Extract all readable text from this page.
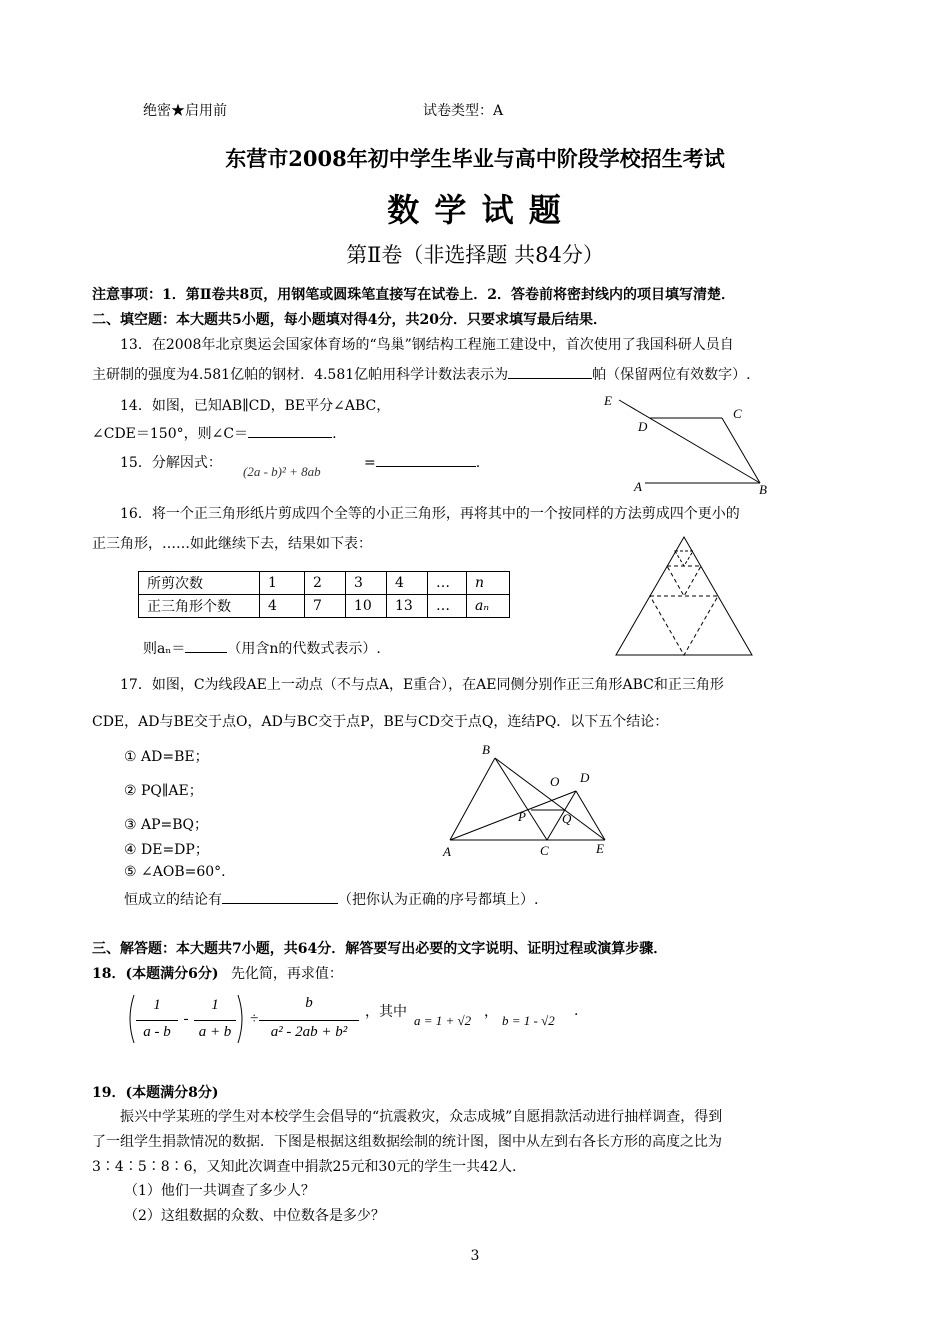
绝密★启用前	试卷类型：A
东营市2008年初中学生毕业与高中阶段学校招生考试
数 学 试 题
第Ⅱ卷（非选择题 共84分）
注意事项：1．第Ⅱ卷共8页，用钢笔或圆珠笔直接写在试卷上．2．答卷前将密封线内的项目填写清楚．
二、填空题：本大题共5小题，每小题填对得4分，共20分．只要求填写最后结果．
13．在2008年北京奥运会国家体育场的“鸟巢”钢结构工程施工建设中，首次使用了我国科研人员自
主研制的强度为4.581亿帕的钢材．4.581亿帕用科学计数法表示为	帕（保留两位有效数字）.
14．如图，已知AB∥CD，BE平分∠ABC，
∠CDE＝150°，则∠C＝	.
E
D
C
A	B
15．分解因式：
(2a - b)² + 8ab
=	.
16．将一个正三角形纸片剪成四个全等的小正三角形，再将其中的一个按同样的方法剪成四个更小的
正三角形，……如此继续下去，结果如下表：
所剪次数	1	2	3	4	…	n
正三角形个数	4	7	10	13	…	aₙ
则aₙ＝	（用含n的代数式表示）.
17．如图，C为线段AE上一动点（不与点A，E重合），在AE同侧分别作正三角形ABC和正三角形
CDE，AD与BE交于点O，AD与BC交于点P，BE与CD交于点Q，连结PQ．以下五个结论：
① AD=BE；
② PQ∥AE；
③ AP=BQ；
④ DE=DP；
⑤ ∠AOB=60°.
恒成立的结论有	（把你认为正确的序号都填上）.
B
O D
P	Q
A	C	E
三、解答题：本大题共7小题，共64分．解答要写出必要的文字说明、证明过程或演算步骤．
18．(本题满分6分) 先化简，再求值：
1
a - b
-
1
a + b
÷
b
a² - 2ab + b²
，其中
a = 1 + √2
，
b = 1 - √2
.
19．(本题满分8分)
振兴中学某班的学生对本校学生会倡导的“抗震救灾，众志成城”自愿捐款活动进行抽样调查，得到
了一组学生捐款情况的数据．下图是根据这组数据绘制的统计图，图中从左到右各长方形的高度之比为
3∶4∶5∶8∶6，又知此次调查中捐款25元和30元的学生一共42人.
（1）他们一共调查了多少人？
（2）这组数据的众数、中位数各是多少？
3
